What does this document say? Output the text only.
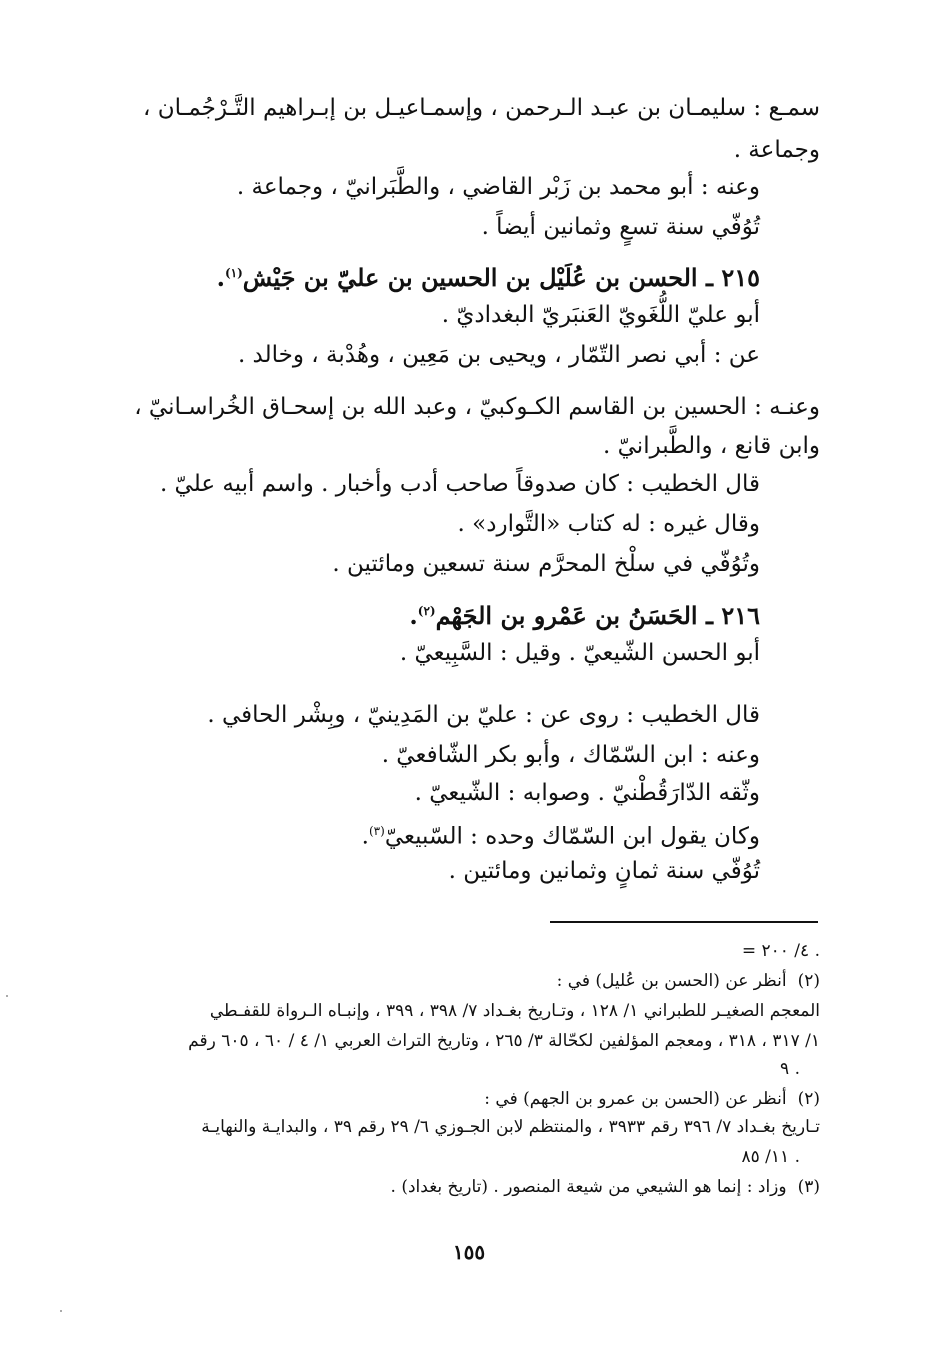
سمـع : سليمـان بن عبـد الـرحمن ، وإسمـاعيـل بن إبـراهيم التَّـرْجُمـان ،
وجماعة .
وعنه : أبو محمد بن زَبْر القاضي ، والطَّبَرانيّ ، وجماعة .
تُوُفّي سنة تسعٍ وثمانين أيضاً .
٢١٥ ـ الحسن بن عُلَيْل بن الحسين بن عليّ بن جَيْش$^{(١)}$.
أبو عليّ اللُّغَويّ العَنبَريّ البغداديّ .
عن : أبي نصر التّمّار ، ويحيى بن مَعِين ، وهُدْبة ، وخالد .
وعنـه : الحسين بن القاسم الكـوكبيّ ، وعبد الله بن إسحـاق الخُراسـانيّ ،
وابن قانع ، والطَّبرانيّ .
قال الخطيب : كان صدوقاً صاحب أدب وأخبار . واسم أبيه عليّ .
وقال غيره : له كتاب «التَّوارد» .
وتُوُفّي في سلْخ المحرَّم سنة تسعين ومائتين .
٢١٦ ـ الحَسَنُ بن عَمْرو بن الجَهْم$^{(٢)}$.
أبو الحسن الشّيعيّ . وقيل : السَّبِيعيّ .
قال الخطيب : روى عن : عليّ بن المَدِينيّ ، وبِشْر الحافي .
وعنه : ابن السّمّاك ، وأبو بكر الشّافعيّ .
وثّقه الدّارَقُطْنيّ . وصوابه : الشّيعيّ .
وكان يقول ابن السّمّاك وحده : السّبيعيّ$^{(٣)}$.
تُوُفّي سنة ثمانٍ وثمانين ومائتين .
= ٤/ ٢٠٠ .
(٢) أنظر عن (الحسن بن عُليل) في :
المعجم الصغيـر للطبراني ١/ ١٢٨ ، وتـاريخ بغـداد ٧/ ٣٩٨ ، ٣٩٩ ، وإنبـاه الـرواة للقفـطي
١/ ٣١٧ ، ٣١٨ ، ومعجم المؤلفين لكحّالة ٣/ ٢٦٥ ، وتاريخ التراث العربي ١/ ٤ / ٦٠ ، ٦٠٥ رقم
٩ .
(٢) أنظر عن (الحسن بن عمرو بن الجهم) في :
تـاريخ بغـداد ٧/ ٣٩٦ رقم ٣٩٣٣ ، والمنتظم لابن الجـوزي ٦/ ٢٩ رقم ٣٩ ، والبدايـة والنهايـة
١١/ ٨٥ .
(٣) وزاد : إنما هو الشيعي من شيعة المنصور . (تاريخ بغداد) .
١٥٥
